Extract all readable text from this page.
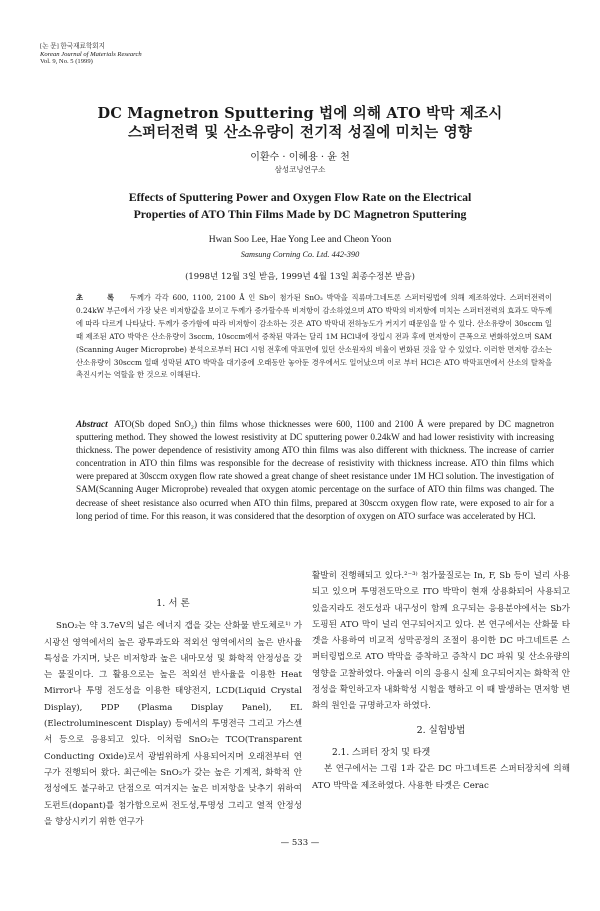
[논 문] 한국재료학회지
Korean Journal of Materials Research
Vol. 9, No. 5 (1999)
DC Magnetron Sputtering 법에 의해 ATO 박막 제조시
스퍼터전력 및 산소유량이 전기적 성질에 미치는 영향
이환수 · 이혜용 · 윤 천
삼성코닝연구소
Effects of Sputtering Power and Oxygen Flow Rate on the Electrical
Properties of ATO Thin Films Made by DC Magnetron Sputtering
Hwan Soo Lee, Hae Yong Lee and Cheon Yoon
Samsung Corning Co. Ltd. 442-390
(1998년 12월 3일 받음, 1999년 4월 13일 최종수정본 받음)
초 록 두께가 각각 600, 1100, 2100 Å 인 Sb이 첨가된 SnO₂ 박막을 직류마그네트론 스퍼터링법에 의해 제조하였다. 스퍼터전력이 0.24kW 부근에서 가장 낮은 비저항값을 보이고 두께가 증가할수록 비저항이 감소하였으며 ATO 박막의 비저항에 미치는 스퍼터전력의 효과도 막두께에 따라 다르게 나타났다. 두께가 증가함에 따라 비저항이 감소하는 것은 ATO 박막내 전하농도가 커지기 때문임을 알 수 있다. 산소유량이 30sccm 일때 제조된 ATO 박막은 산소유량이 3sccm, 10sccm에서 증착된 막과는 달리 1M HCl내에 장입시 전과 후에 면저항이 큰폭으로 변화하였으며 SAM (Scanning Auger Microprobe) 분석으로부터 HCl 시험 전후에 막표면에 있던 산소원자의 비율이 변화된 것을 알 수 있었다. 이러한 면저항 감소는 산소유량이 30sccm 일때 성막된 ATO 박막을 대기중에 오래동안 놓아둔 경우에서도 일어났으며 이로 부터 HCl은 ATO 박막표면에서 산소의 탈착을 촉진시키는 역할을 한 것으로 이해된다.
Abstract ATO(Sb doped SnO₂) thin films whose thicknesses were 600, 1100 and 2100 Å were prepared by DC magnetron sputtering method. They showed the lowest resistivity at DC sputtering power 0.24kW and had lower resistivity with increasing thickness. The power dependence of resistivity among ATO thin films was also different with thickness. The increase of carrier concentration in ATO thin films was responsible for the decrease of resistivity with thickness increase. ATO thin films which were prepared at 30sccm oxygen flow rate showed a great change of sheet resistance under 1M HCl solution. The investigation of SAM(Scanning Auger Microprobe) revealed that oxygen atomic percentage on the surface of ATO thin films was changed. The decrease of sheet resistance also ocurred when ATO thin films, prepared at 30sccm oxygen flow rate, were exposed to air for a long period of time. For this reason, it was considered that the desorption of oxygen on ATO surface was accelerated by HCl.
1. 서 론

SnO₂는 약 3.7eV의 넓은 에너지 갭을 갖는 산화물 반도체로¹⁾ 가시광선 영역에서의 높은 광투과도와 적외선 영역에서의 높은 반사율 특성을 가지며, 낮은 비저항과 높은 내마모성 및 화학적 안정성을 갖는 물질이다. 그 활용으로는 높은 적외선 반사율을 이용한 Heat Mirror나 투명 전도성을 이용한 태양전지, LCD(Liquid Crystal Display), PDP (Plasma Display Panel), EL (Electroluminescent Display) 등에서의 투명전극 그리고 가스센서 등으로 응용되고 있다. 이처럼 SnO₂는 TCO(Transparent Conducting Oxide)로서 광범위하게 사용되어지며 오래전부터 연구가 진행되어 왔다. 최근에는 SnO₂가 갖는 높은 기계적, 화학적 안정성에도 불구하고 단점으로 여겨지는 높은 비저항을 낮추기 위하여 도펀트(dopant)를 첨가함으로써 전도성,투명성 그리고 열적 안정성을 향상시키기 위한 연구가

활발히 진행해되고 있다.²⁻³⁾ 첨가물질로는 In, F, Sb 등이 널리 사용되고 있으며 투명전도막으로 ITO 박막이 현재 상용화되어 사용되고 있을지라도 전도성과 내구성이 함께 요구되는 응용분야에서는 Sb가 도핑된 ATO 막이 널리 연구되어지고 있다. 본 연구에서는 산화물 타겟을 사용하여 비교적 성막공정의 조절이 용이한 DC 마그네트론 스퍼터링법으로 ATO 박막을 증착하고 증착시 DC 파워 및 산소유량의 영향을 고찰하였다. 아울러 이의 응용시 실제 요구되어지는 화학적 안정성을 확인하고자 내화학성 시험을 행하고 이 때 발생하는 면저항 변화의 원인을 규명하고자 하였다.

2. 실험방법
2.1. 스퍼터 장치 및 타겟

본 연구에서는 그림 1과 같은 DC 마그네트론 스퍼터장치에 의해 ATO 박막을 제조하였다. 사용한 타겟은 Cerac

— 533 —
